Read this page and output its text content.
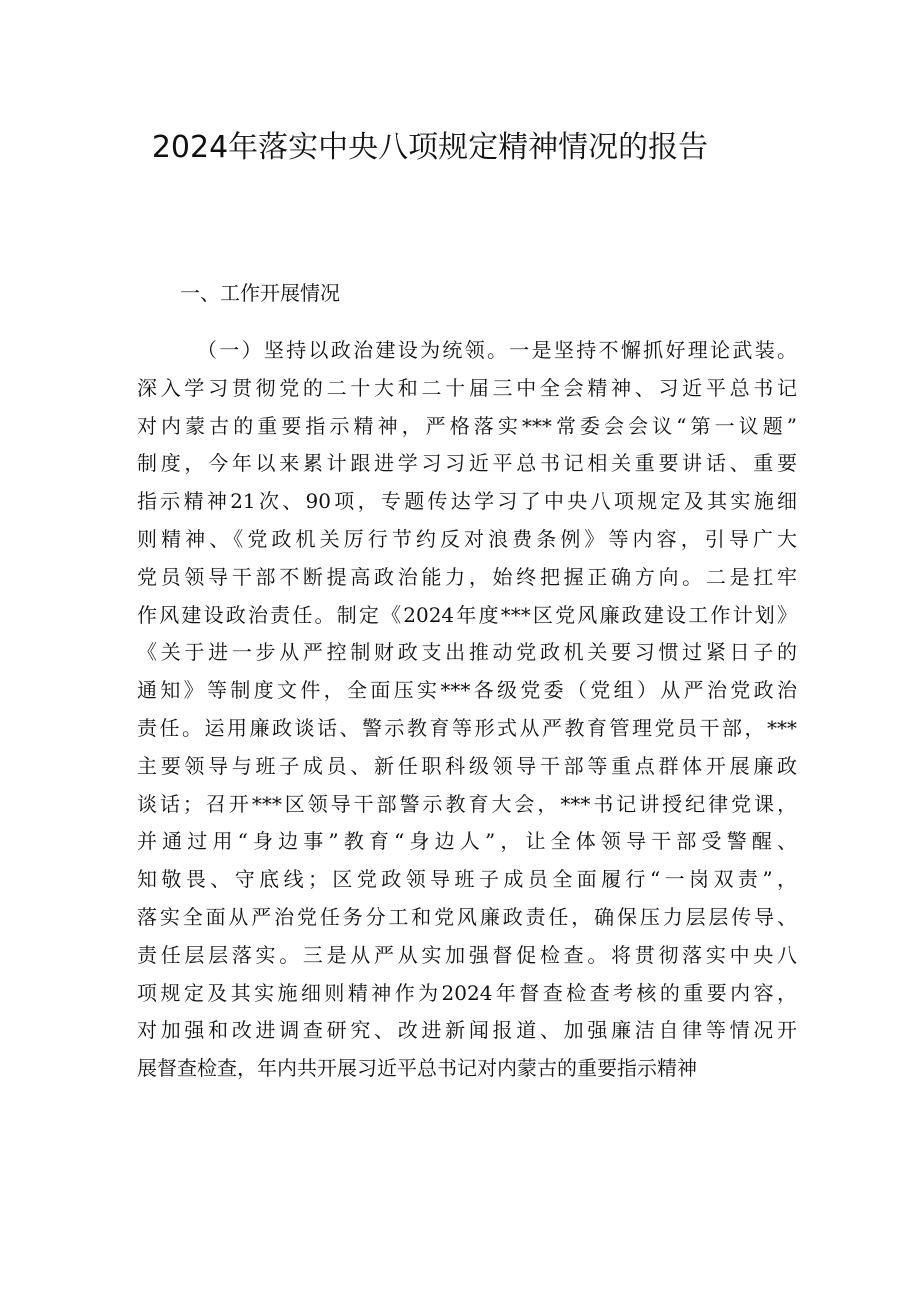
2024年落实中央八项规定精神情况的报告
一、工作开展情况
（一）坚持以政治建设为统领。一是坚持不懈抓好理论武装。
深入学习贯彻党的二十大和二十届三中全会精神、习近平总书记
对内蒙古的重要指示精神，严格落实***常委会会议“第一议题”
制度，今年以来累计跟进学习习近平总书记相关重要讲话、重要
指示精神21次、90项，专题传达学习了中央八项规定及其实施细
则精神、《党政机关厉行节约反对浪费条例》等内容，引导广大
党员领导干部不断提高政治能力，始终把握正确方向。二是扛牢
作风建设政治责任。制定《2024年度***区党风廉政建设工作计划》
《关于进一步从严控制财政支出推动党政机关要习惯过紧日子的
通知》等制度文件，全面压实***各级党委（党组）从严治党政治
责任。运用廉政谈话、警示教育等形式从严教育管理党员干部，***
主要领导与班子成员、新任职科级领导干部等重点群体开展廉政
谈话；召开***区领导干部警示教育大会，***书记讲授纪律党课，
并通过用“身边事”教育“身边人”，让全体领导干部受警醒、
知敬畏、守底线；区党政领导班子成员全面履行“一岗双责”，
落实全面从严治党任务分工和党风廉政责任，确保压力层层传导、
责任层层落实。三是从严从实加强督促检查。将贯彻落实中央八
项规定及其实施细则精神作为2024年督查检查考核的重要内容，
对加强和改进调查研究、改进新闻报道、加强廉洁自律等情况开
展督查检查，年内共开展习近平总书记对内蒙古的重要指示精神
